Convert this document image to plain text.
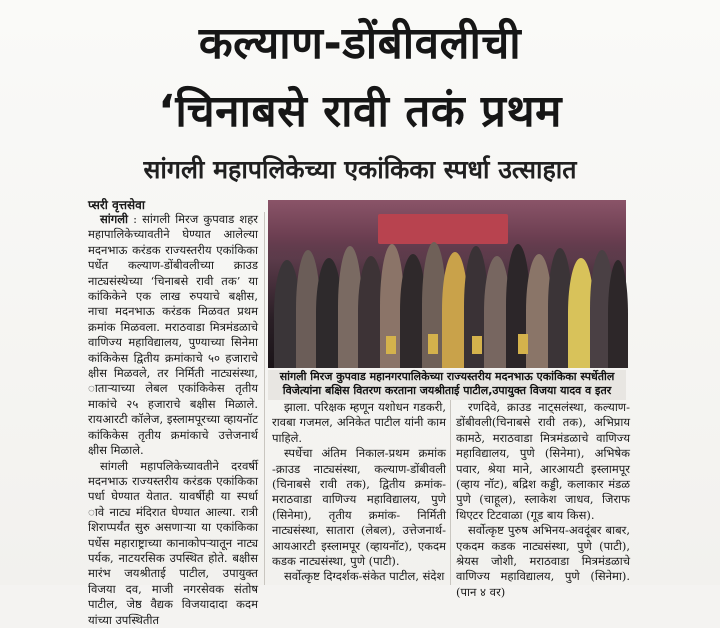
कल्याण-डोंबीवलीची
‘चिनाबसे रावी तकं प्रथम
सांगली महापलिकेच्या एकांकिका स्पर्धा उत्साहात
प्सरी वृत्तसेवा

सांगली : सांगली मिरज कुपवाड शहर महापालिकेच्यावतीने घेण्यात आलेल्या मदनभाऊ करंडक राज्यस्तरीय एकांकिका पर्धेत कल्याण-डोंबीवलीच्या क्राउड नाट्यसंस्थेच्या ‘चिनाबसे रावी तक’ या कांकिकेने एक लाख रुपयाचे बक्षीस, नाचा मदनभाऊ करंडक मिळवत प्रथम क्रमांक मिळवला. मराठवाडा मित्रमंडळाचे वाणिज्य महाविद्यालय, पुण्याच्या सिनेमा कांकिकेस द्वितीय क्रमांकाचे ५० हजाराचे क्षीस मिळवले, तर निर्मिती नाट्यसंस्था, ातार्‍याच्या लेबल एकांकिकेस तृतीय माकांचे २५ हजाराचे बक्षीस मिळाले. रायआरटी कॉलेज, इस्लामपूरच्या व्हायनॉट कांकिकेस तृतीय क्रमांकाचे उत्तेजनार्थ क्षीस मिळाले.

सांगली महापलिकेच्यावतीने दरवर्षी मदनभाऊ राज्यस्तरीय करंडक एकांकिका पर्धा घेण्यात येतात. यावर्षीही या स्पर्धा ावे नाट्य मंदिरात घेण्यात आल्या. रात्री शिराप्पर्यंत सुरु असणाऱ्या या एकांकिका पर्धेस महाराष्ट्राच्या कानाकोपऱ्यातून नाट्य पर्यक, नाटयरसिक उपस्थित होते. बक्षीस मारंभ जयश्रीताई पाटील, उपायुक्त विजया दव, माजी नगरसेवक संतोष पाटील, जेष्ठ वैद्यक विजयादादा कदम यांच्या उपस्थितीत

सांगली मिरज कुपवाड महानगरपालिकेच्या राज्यस्तरीय मदनभाऊ एकांकिका स्पर्धेतील विजेत्यांना बक्षिस वितरण करताना जयश्रीताई पाटील,उपायुक्त विजया यादव व इतर

झाला. परिक्षक म्हणून यशोधन गडकरी, रावबा गजमल, अनिकेत पाटील यांनी काम पाहिले.

स्पर्धेचा अंतिम निकाल-प्रथम क्रमांक -क्राउड नाट्यसंस्था, कल्याण-डोंबीवली (चिनाबसे रावी तक), द्वितीय क्रमांक- मराठवाडा वाणिज्य महाविद्यालय, पुणे (सिनेमा), तृतीय क्रमांक- निर्मिती नाट्यसंस्था, सातारा (लेबल), उत्तेजनार्थ-आयआरटी इस्लामपूर (व्हायनॉट), एकदम कडक नाट्यसंस्था, पुणे (पाटी).

सर्वोत्कृष्ट दिग्दर्शक-संकेत पाटील, संदेश

रणदिवे, क्राउड नाट्सलंस्था, कल्याण-डोंबीवली(चिनाबसे रावी तक), अभिप्राय कामठे, मराठवाडा मित्रमंडळाचे वाणिज्य महाविद्यालय, पुणे (सिनेमा), अभिषेक पवार, श्रेया माने, आरआयटी इस्लामपूर (व्हाय नॉट), बद्रिश कड्डी, कलाकार मंडळ पुणे (चाहूल), स्लाकेश जाधव, जिराफ थिएटर टिटवाळा (गूड बाय किस).

सर्वोत्कृष्ट पुरुष अभिनय-अवदूंबर बाबर, एकदम कडक नाट्यसंस्था, पुणे (पाटी), श्रेयस जोशी, मराठवाडा मित्रमंडळाचे वाणिज्य महाविद्यालय, पुणे (सिनेमा). (पान ४ वर)
